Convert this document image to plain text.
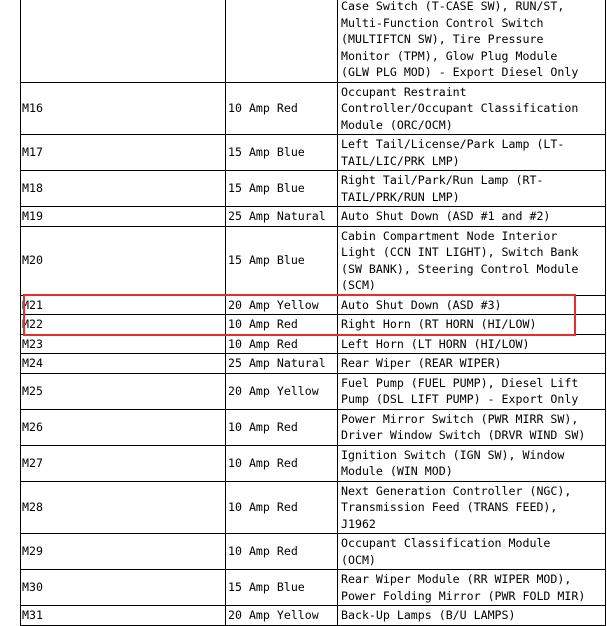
		Case Switch (T-CASE SW), RUN/ST,
Multi-Function Control Switch
(MULTIFTCN SW), Tire Pressure
Monitor (TPM), Glow Plug Module
(GLW PLG MOD) - Export Diesel Only

M16	10 Amp Red	Occupant Restraint
Controller/Occupant Classification
Module (ORC/OCM)

M17	15 Amp Blue	Left Tail/License/Park Lamp (LT-
TAIL/LIC/PRK LMP)

M18	15 Amp Blue	Right Tail/Park/Run Lamp (RT-
TAIL/PRK/RUN LMP)

M19	25 Amp Natural	Auto Shut Down (ASD #1 and #2)

M20	15 Amp Blue	Cabin Compartment Node Interior
Light (CCN INT LIGHT), Switch Bank
(SW BANK), Steering Control Module
(SCM)

M21	20 Amp Yellow	Auto Shut Down (ASD #3)

M22	10 Amp Red	Right Horn (RT HORN (HI/LOW)

M23	10 Amp Red	Left Horn (LT HORN (HI/LOW)

M24	25 Amp Natural	Rear Wiper (REAR WIPER)

M25	20 Amp Yellow	Fuel Pump (FUEL PUMP), Diesel Lift
Pump (DSL LIFT PUMP) - Export Only

M26	10 Amp Red	Power Mirror Switch (PWR MIRR SW),
Driver Window Switch (DRVR WIND SW)

M27	10 Amp Red	Ignition Switch (IGN SW), Window
Module (WIN MOD)

M28	10 Amp Red	Next Generation Controller (NGC),
Transmission Feed (TRANS FEED),
J1962

M29	10 Amp Red	Occupant Classification Module
(OCM)

M30	15 Amp Blue	Rear Wiper Module (RR WIPER MOD),
Power Folding Mirror (PWR FOLD MIR)

M31	20 Amp Yellow	Back-Up Lamps (B/U LAMPS)
